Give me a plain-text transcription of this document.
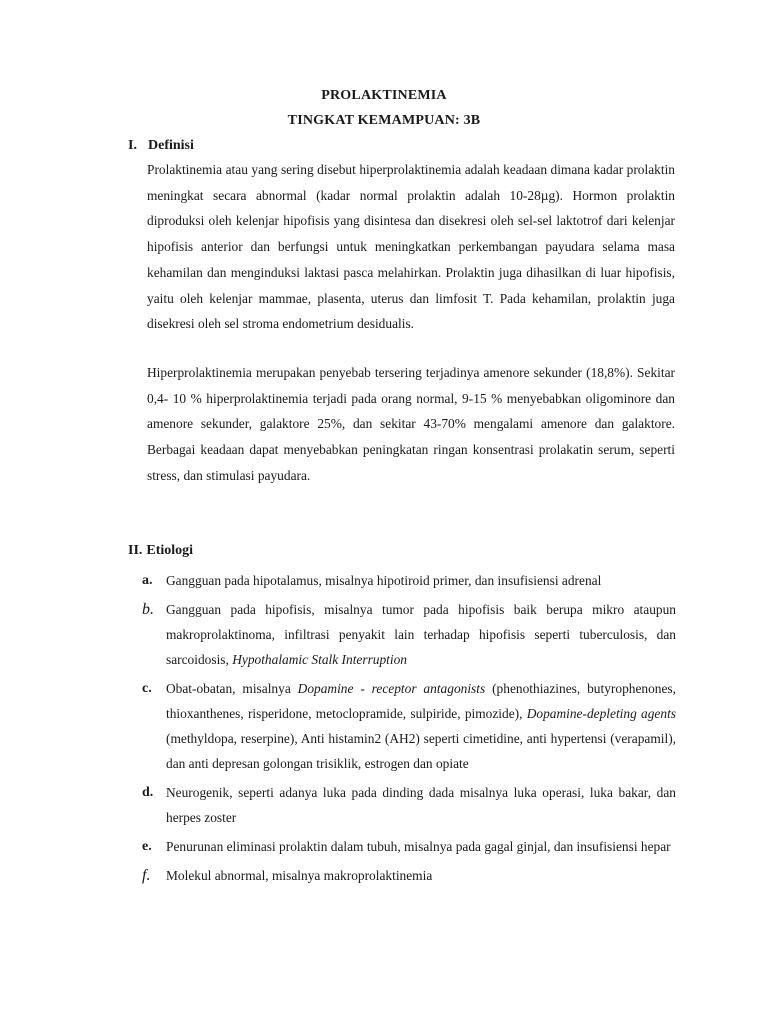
PROLAKTINEMIA
TINGKAT KEMAMPUAN: 3B
I. Definisi

Prolaktinemia atau yang sering disebut hiperprolaktinemia adalah keadaan dimana kadar prolaktin meningkat secara abnormal (kadar normal prolaktin adalah 10-28µg). Hormon prolaktin diproduksi oleh kelenjar hipofisis yang disintesa dan disekresi oleh sel-sel laktotrof dari kelenjar hipofisis anterior dan berfungsi untuk meningkatkan perkembangan payudara selama masa kehamilan dan menginduksi laktasi pasca melahirkan. Prolaktin juga dihasilkan di luar hipofisis, yaitu oleh kelenjar mammae, plasenta, uterus dan limfosit T. Pada kehamilan, prolaktin juga disekresi oleh sel stroma endometrium desidualis.

Hiperprolaktinemia merupakan penyebab tersering terjadinya amenore sekunder (18,8%). Sekitar 0,4- 10 % hiperprolaktinemia terjadi pada orang normal, 9-15 % menyebabkan oligominore dan amenore sekunder, galaktore 25%, dan sekitar 43-70% mengalami amenore dan galaktore. Berbagai keadaan dapat menyebabkan peningkatan ringan konsentrasi prolakatin serum, seperti stress, dan stimulasi payudara.

II. Etiologi
a. Gangguan pada hipotalamus, misalnya hipotiroid primer, dan insufisiensi adrenal
b. Gangguan pada hipofisis, misalnya tumor pada hipofisis baik berupa mikro ataupun makroprolaktinoma, infiltrasi penyakit lain terhadap hipofisis seperti tuberculosis, dan sarcoidosis, Hypothalamic Stalk Interruption
c. Obat-obatan, misalnya Dopamine - receptor antagonists (phenothiazines, butyrophenones, thioxanthenes, risperidone, metoclopramide, sulpiride, pimozide), Dopamine-depleting agents (methyldopa, reserpine), Anti histamin2 (AH2) seperti cimetidine, anti hypertensi (verapamil), dan anti depresan golongan trisiklik, estrogen dan opiate
d. Neurogenik, seperti adanya luka pada dinding dada misalnya luka operasi, luka bakar, dan herpes zoster
e. Penurunan eliminasi prolaktin dalam tubuh, misalnya pada gagal ginjal, dan insufisiensi hepar
f. Molekul abnormal, misalnya makroprolaktinemia
